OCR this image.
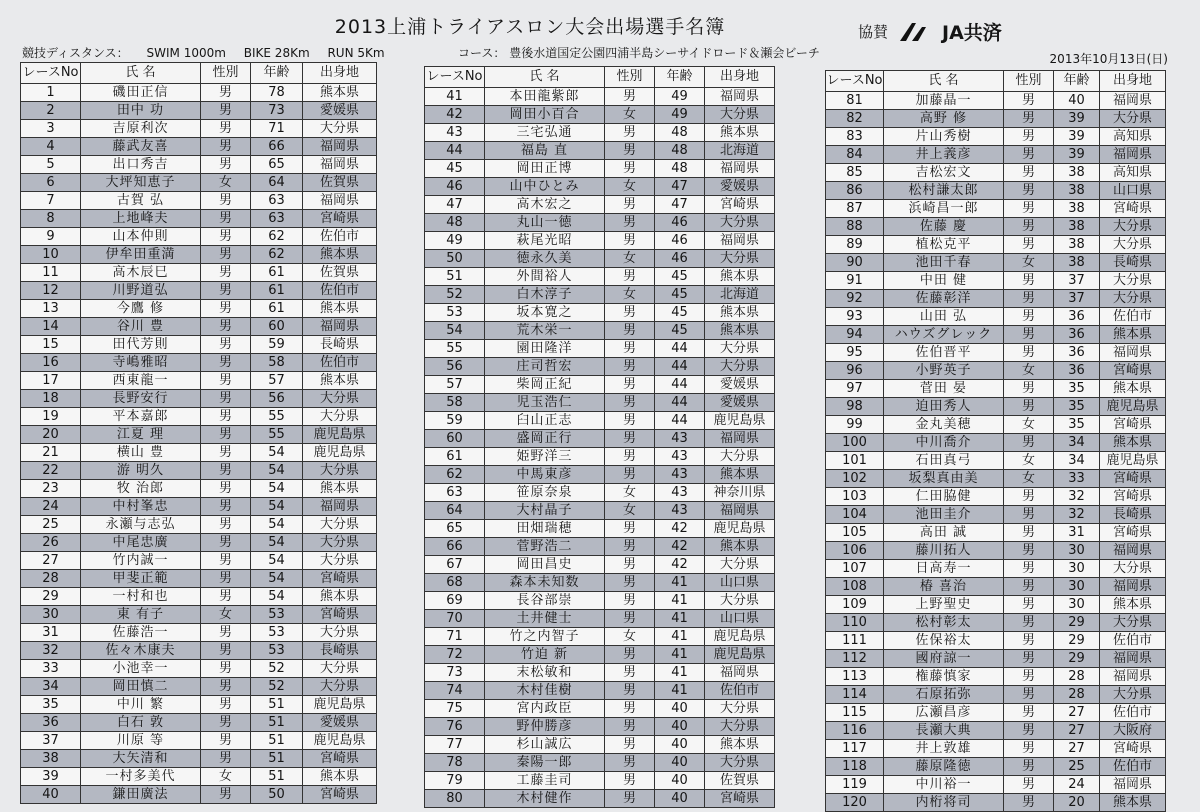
2013上浦トライアスロン大会出場選手名簿	協賛	JA共済
競技ディスタンス： SWIM 1000m BIKE 28Km RUN 5Km	コース： 豊後水道国定公園四浦半島シーサイドロード＆瀬会ビーチ	2013年10月13日(日)
レースNo	氏 名	性別	年齢	出身地
1	磯田正信	男	78	熊本県
2	田中 功	男	73	愛媛県
3	吉原利次	男	71	大分県
4	藤武友喜	男	66	福岡県
5	出口秀吉	男	65	福岡県
6	大坪知恵子	女	64	佐賀県
7	古賀 弘	男	63	福岡県
8	上地峰夫	男	63	宮崎県
9	山本仲則	男	62	佐伯市
10	伊牟田重満	男	62	熊本県
11	高木辰巳	男	61	佐賀県
12	川野道弘	男	61	佐伯市
13	今鷹 修	男	61	熊本県
14	谷川 豊	男	60	福岡県
15	田代芳則	男	59	長崎県
16	寺嶋雅昭	男	58	佐伯市
17	西東龍一	男	57	熊本県
18	長野安行	男	56	大分県
19	平本嘉郎	男	55	大分県
20	江夏 理	男	55	鹿児島県
21	横山 豊	男	54	鹿児島県
22	游 明久	男	54	大分県
23	牧 治郎	男	54	熊本県
24	中村峯忠	男	54	福岡県
25	永瀬与志弘	男	54	大分県
26	中尾忠廣	男	54	大分県
27	竹内誠一	男	54	大分県
28	甲斐正範	男	54	宮崎県
29	一村和也	男	54	熊本県
30	東 有子	女	53	宮崎県
31	佐藤浩一	男	53	大分県
32	佐々木康夫	男	53	長崎県
33	小池幸一	男	52	大分県
34	岡田慎二	男	52	大分県
35	中川 繁	男	51	鹿児島県
36	白石 敦	男	51	愛媛県
37	川原 等	男	51	鹿児島県
38	大矢清和	男	51	宮崎県
39	一村多美代	女	51	熊本県
40	鎌田廣法	男	50	宮崎県
レースNo	氏 名	性別	年齢	出身地
41	本田龍紫郎	男	49	福岡県
42	岡田小百合	女	49	大分県
43	三宅弘通	男	48	熊本県
44	福島 直	男	48	北海道
45	岡田正博	男	48	福岡県
46	山中ひとみ	女	47	愛媛県
47	高木宏之	男	47	宮崎県
48	丸山一徳	男	46	大分県
49	萩尾光昭	男	46	福岡県
50	徳永久美	女	46	大分県
51	外間裕人	男	45	熊本県
52	白木淳子	女	45	北海道
53	坂本寛之	男	45	熊本県
54	荒木栄一	男	45	熊本県
55	園田隆洋	男	44	大分県
56	庄司哲宏	男	44	大分県
57	柴岡正紀	男	44	愛媛県
58	児玉浩仁	男	44	愛媛県
59	臼山正志	男	44	鹿児島県
60	盛岡正行	男	43	福岡県
61	姫野洋三	男	43	大分県
62	中馬東彦	男	43	熊本県
63	笹原奈泉	女	43	神奈川県
64	大村晶子	女	43	福岡県
65	田畑瑞穂	男	42	鹿児島県
66	菅野浩二	男	42	熊本県
67	岡田昌史	男	42	大分県
68	森本未知数	男	41	山口県
69	長谷部崇	男	41	大分県
70	土井健士	男	41	山口県
71	竹之内智子	女	41	鹿児島県
72	竹迫 新	男	41	鹿児島県
73	末松敏和	男	41	福岡県
74	木村佳樹	男	41	佐伯市
75	宮内政臣	男	40	大分県
76	野仲勝彦	男	40	大分県
77	杉山誠広	男	40	熊本県
78	秦陽一郎	男	40	大分県
79	工藤圭司	男	40	佐賀県
80	木村健作	男	40	宮崎県
レースNo	氏 名	性別	年齢	出身地
81	加藤晶一	男	40	福岡県
82	高野 修	男	39	大分県
83	片山秀樹	男	39	高知県
84	井上義彦	男	39	福岡県
85	吉松宏文	男	38	高知県
86	松村謙太郎	男	38	山口県
87	浜崎昌一郎	男	38	宮崎県
88	佐藤 慶	男	38	大分県
89	植松克平	男	38	大分県
90	池田千春	女	38	長崎県
91	中田 健	男	37	大分県
92	佐藤彰洋	男	37	大分県
93	山田 弘	男	36	佐伯市
94	ハウズグレック	男	36	熊本県
95	佐伯晋平	男	36	福岡県
96	小野英子	女	36	宮崎県
97	菅田 晏	男	35	熊本県
98	迫田秀人	男	35	鹿児島県
99	金丸美穂	女	35	宮崎県
100	中川喬介	男	34	熊本県
101	石田真弓	女	34	鹿児島県
102	坂梨真由美	女	33	宮崎県
103	仁田脇健	男	32	宮崎県
104	池田圭介	男	32	長崎県
105	高田 誠	男	31	宮崎県
106	藤川拓人	男	30	福岡県
107	日高寿一	男	30	大分県
108	椿 喜治	男	30	福岡県
109	上野聖史	男	30	熊本県
110	松村彰太	男	29	大分県
111	佐保裕太	男	29	佐伯市
112	國府諒一	男	29	福岡県
113	権藤慎家	男	28	福岡県
114	石原拓弥	男	28	大分県
115	広瀬昌彦	男	27	佐伯市
116	長瀬大典	男	27	大阪府
117	井上敦雄	男	27	宮崎県
118	藤原隆徳	男	25	佐伯市
119	中川裕一	男	24	福岡県
120	内桁将司	男	20	熊本県
